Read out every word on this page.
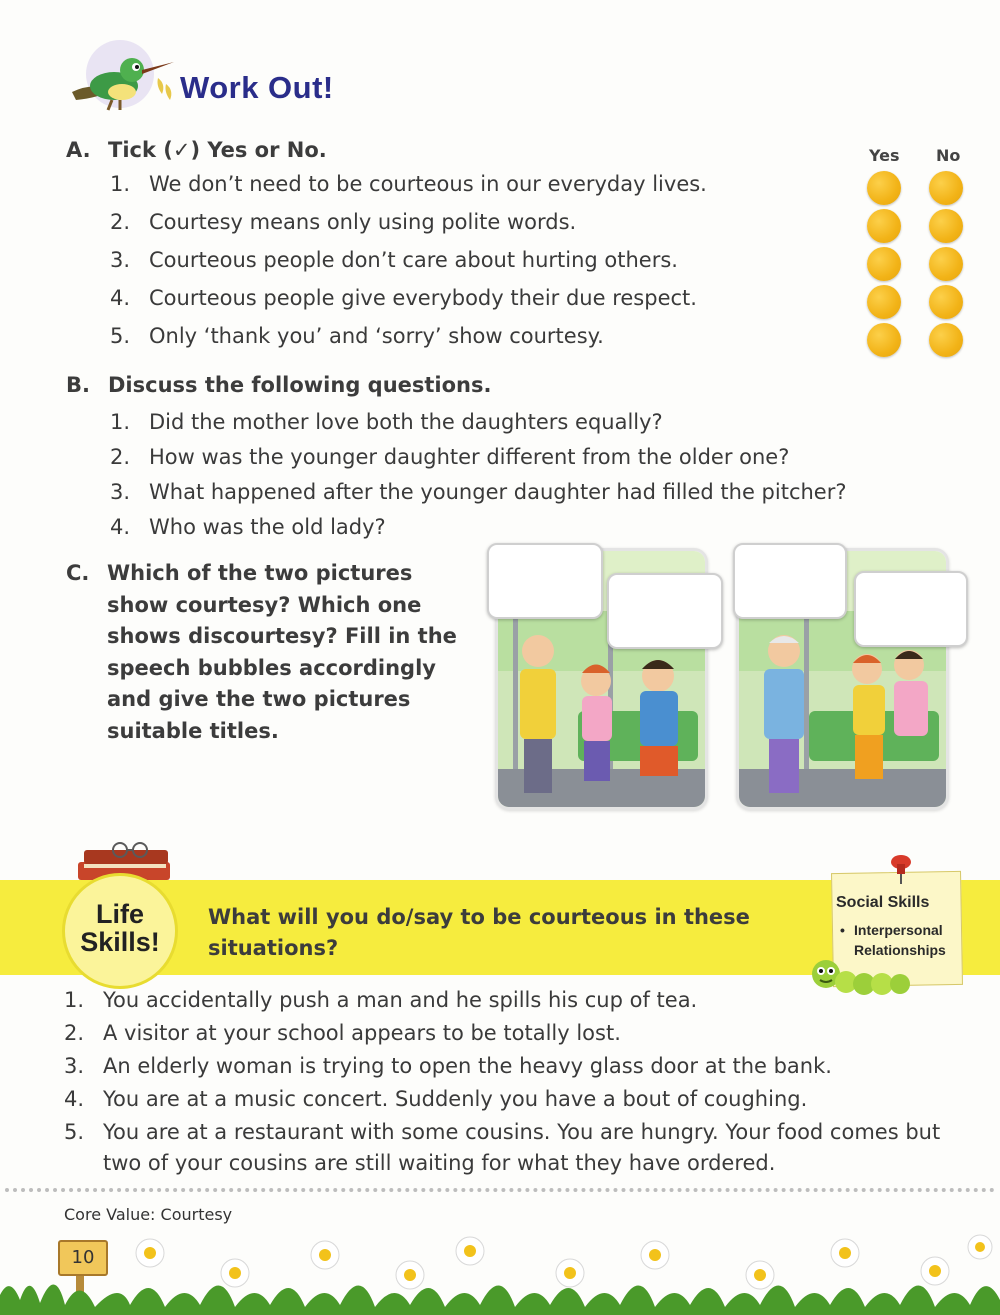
Work Out!
A. Tick (✓) Yes or No.	Yes No
1. We don’t need to be courteous in our everyday lives.
2. Courtesy means only using polite words.
3. Courteous people don’t care about hurting others.
4. Courteous people give everybody their due respect.
5. Only ‘thank you’ and ‘sorry’ show courtesy.
B. Discuss the following questions.
1. Did the mother love both the daughters equally?
2. How was the younger daughter different from the older one?
3. What happened after the younger daughter had filled the pitcher?
4. Who was the old lady?
C. Which of the two pictures show courtesy? Which one shows discourtesy? Fill in the speech bubbles accordingly and give the two pictures suitable titles.
Life
Skills!
What will you do/say to be courteous in these situations?
Social Skills
• Interpersonal Relationships
1. You accidentally push a man and he spills his cup of tea.
2. A visitor at your school appears to be totally lost.
3. An elderly woman is trying to open the heavy glass door at the bank.
4. You are at a music concert. Suddenly you have a bout of coughing.
5. You are at a restaurant with some cousins. You are hungry. Your food comes but
two of your cousins are still waiting for what they have ordered.
Core Value: Courtesy
10
